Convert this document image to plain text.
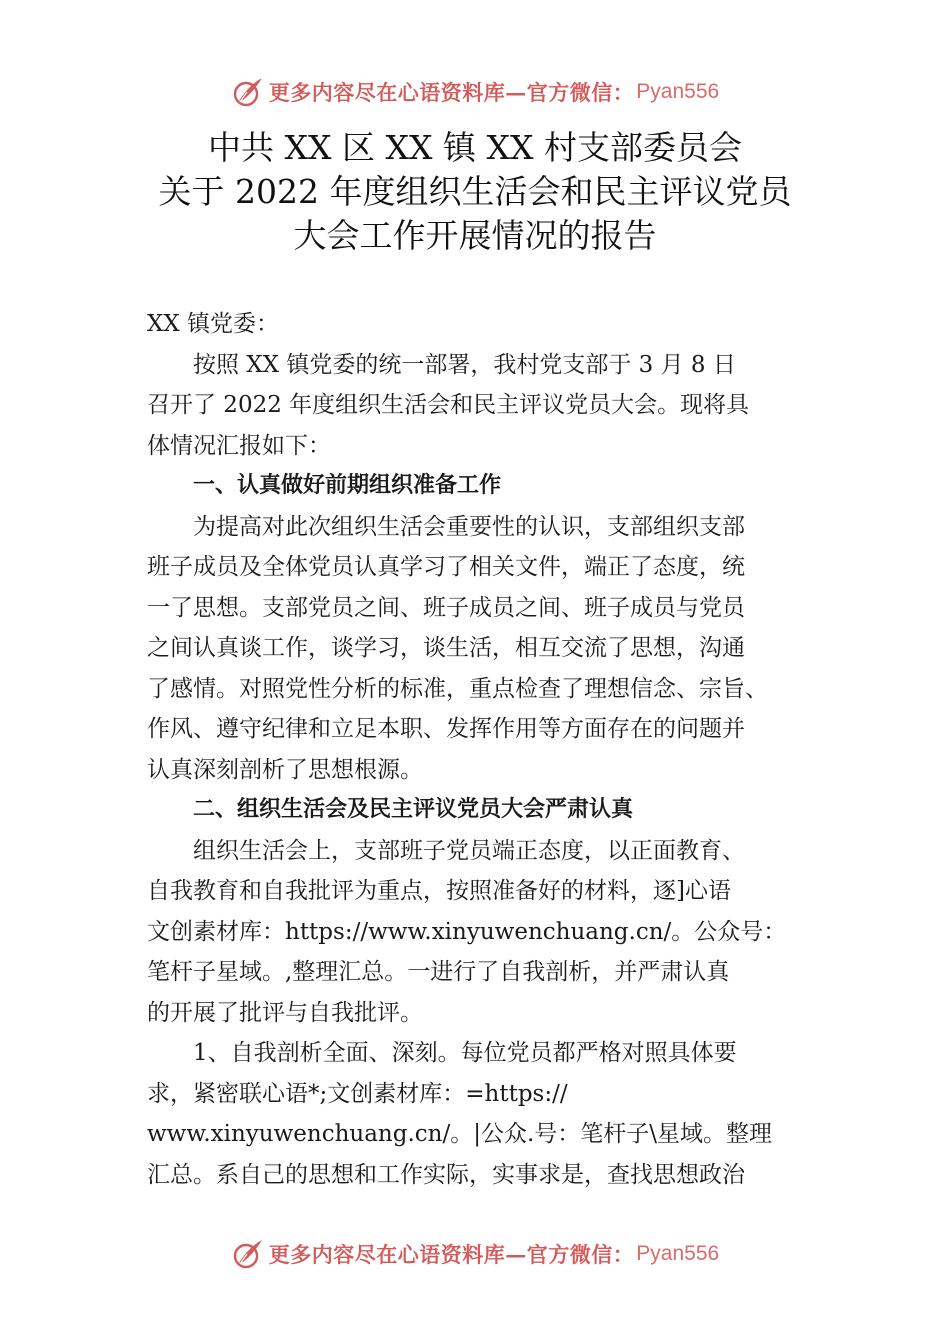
更多内容尽在心语资料库—官方微信： Pyan556
中共 XX 区 XX 镇 XX 村支部委员会
关于 2022 年度组织生活会和民主评议党员
大会工作开展情况的报告

XX 镇党委：

按照 XX 镇党委的统一部署，我村党支部于 3 月 8 日

召开了 2022 年度组织生活会和民主评议党员大会。现将具

体情况汇报如下：

一、认真做好前期组织准备工作

为提高对此次组织生活会重要性的认识，支部组织支部

班子成员及全体党员认真学习了相关文件，端正了态度，统

一了思想。支部党员之间、班子成员之间、班子成员与党员

之间认真谈工作，谈学习，谈生活，相互交流了思想，沟通

了感情。对照党性分析的标准，重点检查了理想信念、宗旨、

作风、遵守纪律和立足本职、发挥作用等方面存在的问题并

认真深刻剖析了思想根源。

二、组织生活会及民主评议党员大会严肃认真

组织生活会上，支部班子党员端正态度，以正面教育、

自我教育和自我批评为重点，按照准备好的材料，逐]心语

文创素材库：https://www.xinyuwenchuang.cn/。公众号：

笔杆子星域。,整理汇总。一进行了自我剖析，并严肃认真

的开展了批评与自我批评。

1、自我剖析全面、深刻。每位党员都严格对照具体要

求，紧密联心语*;文创素材库：=https://

www.xinyuwenchuang.cn/。|公众.号：笔杆子\星域。整理

汇总。系自己的思想和工作实际，实事求是，查找思想政治

更多内容尽在心语资料库—官方微信： Pyan556
